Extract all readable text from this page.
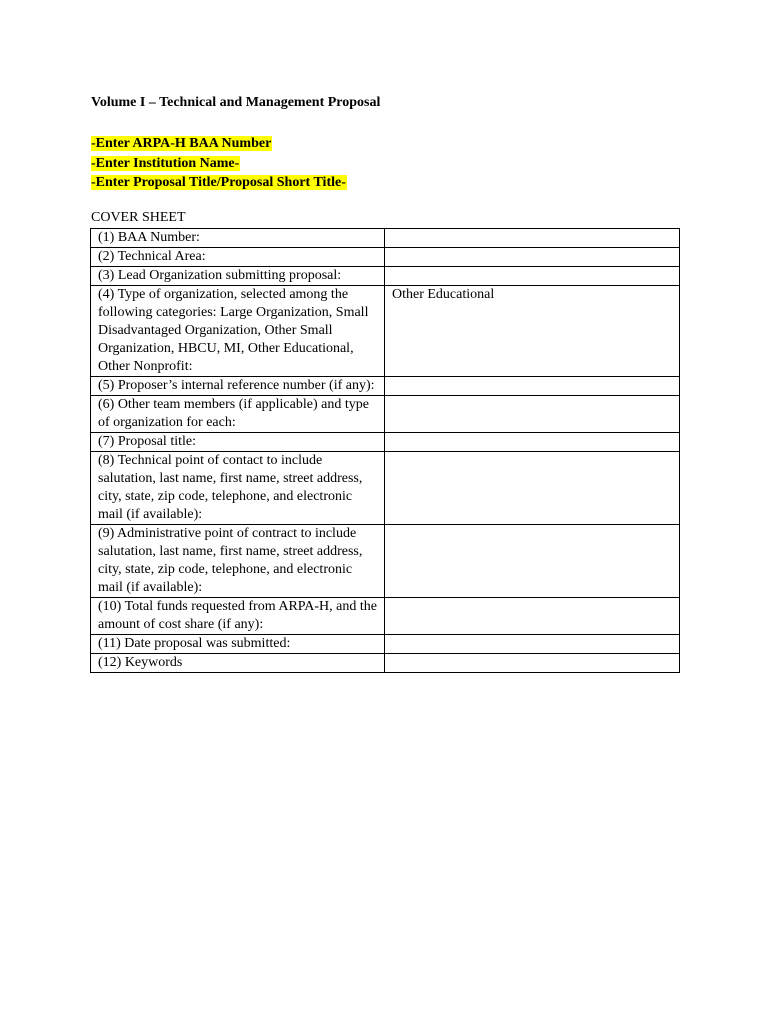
Volume I – Technical and Management Proposal
-Enter ARPA-H BAA Number
-Enter Institution Name-
-Enter Proposal Title/Proposal Short Title-
COVER SHEET
(1) BAA Number:	
(2) Technical Area:	
(3) Lead Organization submitting proposal:	
(4) Type of organization, selected among the following categories: Large Organization, Small Disadvantaged Organization, Other Small Organization, HBCU, MI, Other Educational, Other Nonprofit:	Other Educational
(5) Proposer’s internal reference number (if any):	
(6) Other team members (if applicable) and type of organization for each:	
(7) Proposal title:	
(8) Technical point of contact to include salutation, last name, first name, street address, city, state, zip code, telephone, and electronic mail (if available):	
(9) Administrative point of contract to include salutation, last name, first name, street address, city, state, zip code, telephone, and electronic mail (if available):	
(10) Total funds requested from ARPA-H, and the amount of cost share (if any):	
(11) Date proposal was submitted:	
(12) Keywords	
